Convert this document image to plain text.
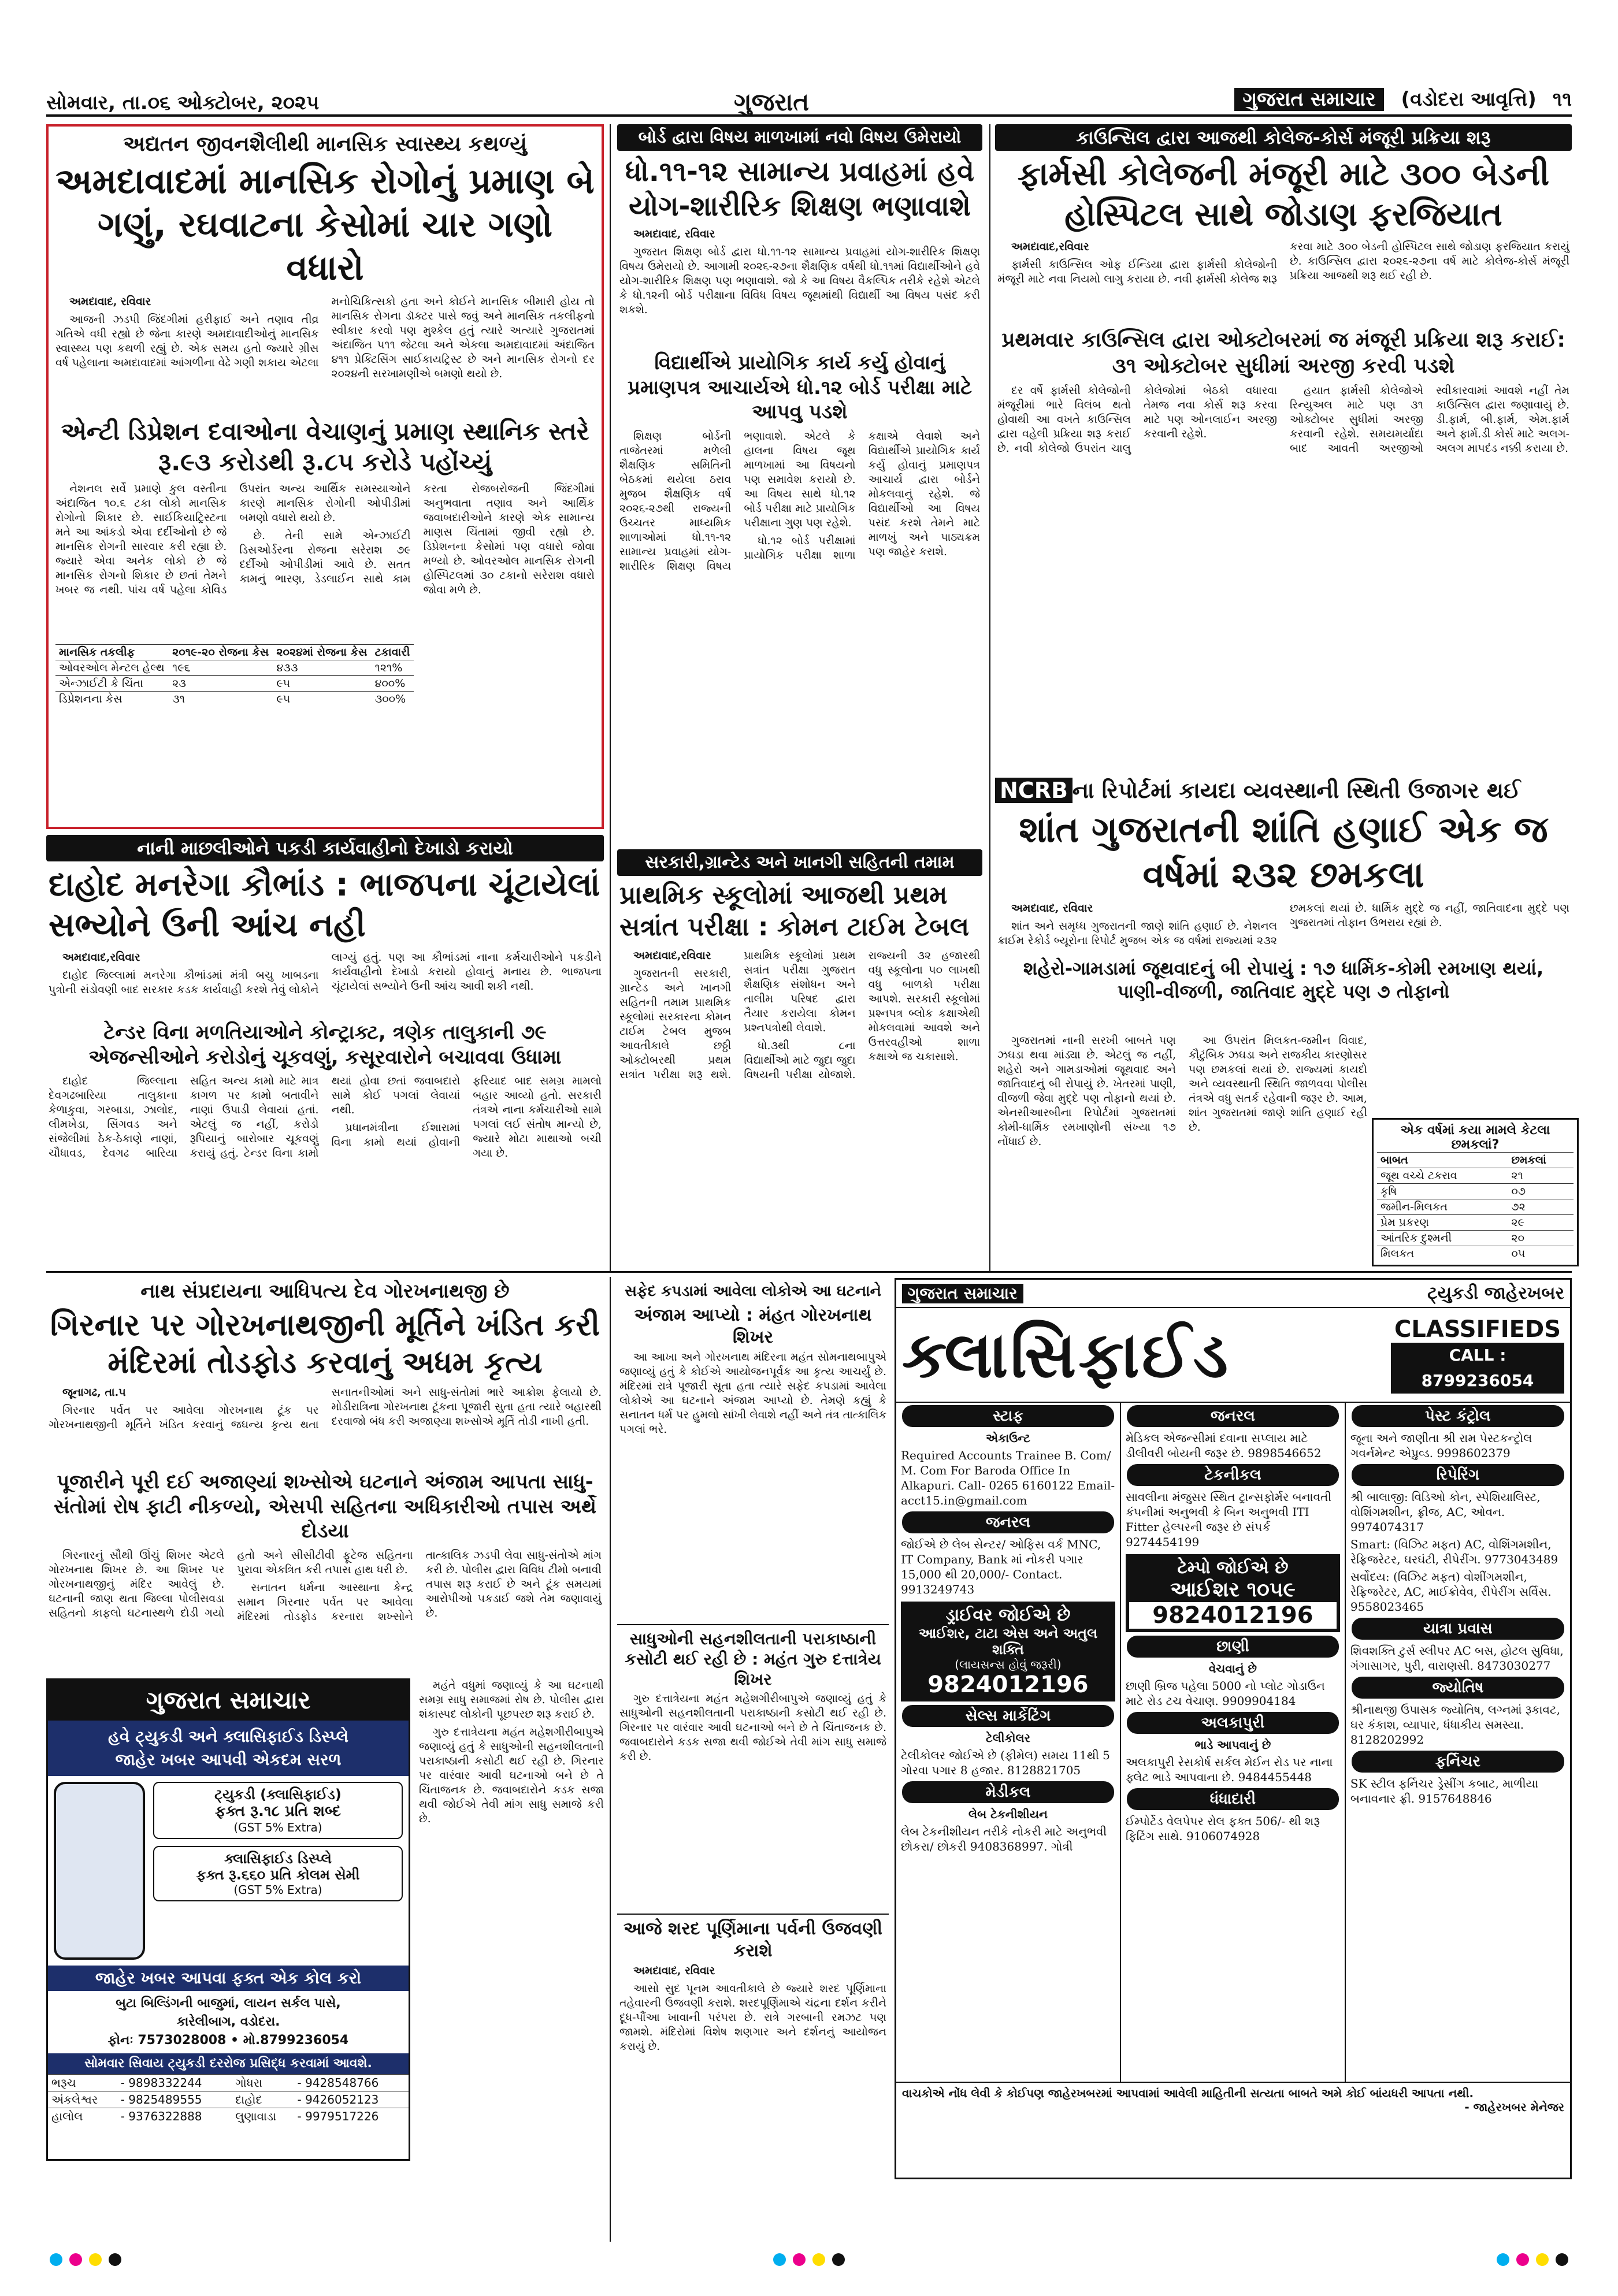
સોમવાર, તા.૦૬ ઓક્ટોબર, ૨૦૨૫	ગુજરાત	ગુજરાત સમાચાર (વડોદરા આવૃત્તિ) ૧૧
અદ્યતન જીવનશૈલીથી માનસિક સ્વાસ્થ્ય કથળ્યું
અમદાવાદમાં માનસિક રોગોનું પ્રમાણ બે ગણું, રઘવાટના કેસોમાં ચાર ગણો વધારો

અમદાવાદ, રવિવાર

આજની ઝડપી જિંદગીમાં હરીફાઈ અને તણાવ તીવ્ર ગતિએ વધી રહ્યો છે જેના કારણે અમદાવાદીઓનું માનસિક સ્વાસ્થ્ય પણ કથળી રહ્યું છે. એક સમય હતો જ્યારે ગ્રીસ વર્ષ પહેલાના અમદાવાદમાં આંગળીના વેઢે ગણી શકાય એટલા મનોચિકિત્સકો હતા અને કોઈને માનસિક બીમારી હોય તો માનસિક રોગના ડૉક્ટર પાસે જવું અને માનસિક તકલીફનો સ્વીકાર કરવો પણ મુશ્કેલ હતું ત્યારે અત્યારે ગુજરાતમાં અંદાજિત ૫૧૧ જેટલા અને એકલા અમદાવાદમાં અંદાજિત ૪૧૧ પ્રેક્ટિસિંગ સાઈકાયટ્રિસ્ટ છે અને માનસિક રોગનો દર ૨૦૨૪ની સરખામણીએ બમણો થયો છે.

એન્ટી ડિપ્રેશન દવાઓના વેચાણનું પ્રમાણ સ્થાનિક સ્તરે રૂ.૯૩ કરોડથી રૂ.૮૫ કરોડે પહોંચ્યું

નેશનલ સર્વે પ્રમાણે કુલ વસ્તીના અંદાજિત ૧૦.૬ ટકા લોકો માનસિક રોગોનો શિકાર છે. સાઈકિયાટ્રિસ્ટના મતે આ આંકડો એવા દર્દીઓનો છે જે માનસિક રોગની સારવાર કરી રહ્યા છે. જ્યારે એવા અનેક લોકો છે જે માનસિક રોગનો શિકાર છે છતાં તેમને ખબર જ નથી. પાંચ વર્ષ પહેલા કોવિડ ઉપરાંત અન્ય આર્થિક સમસ્યાઓને કારણે માનસિક રોગોની ઓપીડીમાં બમણો વધારો થયો છે.

છે. તેની સામે એન્ઝાઈટી ડિસઓર્ડરના રોજના સરેરાશ ૭૯ દર્દીઓ ઓપીડીમાં આવે છે. સતત કામનું ભારણ, ડેડલાઈન સાથે કામ કરતા રોજબરોજની જિંદગીમાં અનુભવાતા તણાવ અને આર્થિક જવાબદારીઓને કારણે એક સામાન્ય માણસ ચિંતામાં જીવી રહ્યો છે. ડિપ્રેશનના કેસોમાં પણ વધારો જોવા મળ્યો છે. ઓવરઓલ માનસિક રોગની હોસ્પિટલમાં ૩૦ ટકાનો સરેરાશ વધારો જોવા મળે છે.

માનસિક તકલીફ	૨૦૧૯-૨૦ રોજના કેસ	૨૦૨૪માં રોજના કેસ	ટકાવારી
ઓવરઓલ મેન્ટલ હેલ્થ	૧૯૬	૪૩૩	૧૨૧%
એન્ઝાઈટી કે ચિંતા	૨૩	૯૫	૪૦૦%
ડિપ્રેશનના કેસ	૩૧	૯૫	૩૦૦%
બોર્ડ દ્વારા વિષય માળખામાં નવો વિષય ઉમેરાયો
ધો.૧૧-૧૨ સામાન્ય પ્રવાહમાં હવે યોગ-શારીરિક શિક્ષણ ભણાવાશે

અમદાવાદ, રવિવાર

ગુજરાત શિક્ષણ બોર્ડ દ્વારા ધો.૧૧-૧૨ સામાન્ય પ્રવાહમાં યોગ-શારીરિક શિક્ષણ વિષય ઉમેરાયો છે. આગામી ૨૦૨૬-૨૭ના શૈક્ષણિક વર્ષથી ધો.૧૧માં વિદ્યાર્થીઓને હવે યોગ-શારીરિક શિક્ષણ પણ ભણાવાશે. જો કે આ વિષય વૈકલ્પિક તરીકે રહેશે એટલે કે ધો.૧૨ની બોર્ડ પરીક્ષાના વિવિધ વિષય જૂથમાંથી વિદ્યાર્થી આ વિષય પસંદ કરી શકશે.

વિદ્યાર્થીએ પ્રાયોગિક કાર્ય કર્યુ હોવાનું પ્રમાણપત્ર આચાર્યએ ધો.૧૨ બોર્ડ પરીક્ષા માટે આપવુ પડશે

શિક્ષણ બોર્ડની તાજેતરમાં મળેલી શૈક્ષણિક સમિતિની બેઠકમાં થયેલા ઠરાવ મુજબ શૈક્ષણિક વર્ષ ૨૦૨૬-૨૭થી રાજ્યની ઉચ્ચતર માધ્યમિક શાળાઓમાં ધો.૧૧-૧૨ સામાન્ય પ્રવાહમાં યોગ-શારીરિક શિક્ષણ વિષય ભણાવાશે. એટલે કે હાલના વિષય જૂથ માળખામાં આ વિષયનો પણ સમાવેશ કરાયો છે. આ વિષય સાથે ધો.૧૨ બોર્ડ પરીક્ષા માટે પ્રાયોગિક પરીક્ષાના ગુણ પણ રહેશે.

ધો.૧૨ બોર્ડ પરીક્ષામાં પ્રાયોગિક પરીક્ષા શાળા કક્ષાએ લેવાશે અને વિદ્યાર્થીએ પ્રાયોગિક કાર્ય કર્યુ હોવાનું પ્રમાણપત્ર આચાર્ય દ્વારા બોર્ડને મોકલવાનું રહેશે. જે વિદ્યાર્થીઓ આ વિષય પસંદ કરશે તેમને માટે માળખું અને પાઠ્યક્રમ પણ જાહેર કરાશે.

સરકારી,ગ્રાન્ટેડ અને ખાનગી સહિતની તમામ
પ્રાથમિક સ્કૂલોમાં આજથી પ્રથમ સત્રાંત પરીક્ષા : કોમન ટાઈમ ટેબલ

અમદાવાદ,રવિવાર

ગુજરાતની સરકારી, ગ્રાન્ટેડ અને ખાનગી સહિતની તમામ પ્રાથમિક સ્કૂલોમાં સરકારના કોમન ટાઈમ ટેબલ મુજબ આવતીકાલે છઠ્ઠી ઓક્ટોબરથી પ્રથમ સત્રાંત પરીક્ષા શરૂ થશે. પ્રાથમિક સ્કૂલોમાં પ્રથમ સત્રાંત પરીક્ષા ગુજરાત શૈક્ષણિક સંશોધન અને તાલીમ પરિષદ દ્વારા તૈયાર કરાયેલા કોમન પ્રશ્નપત્રોથી લેવાશે.

ધો.૩થી ૮ના વિદ્યાર્થીઓ માટે જુદા જુદા વિષયની પરીક્ષા યોજાશે. રાજ્યની ૩૨ હજારથી વધુ સ્કૂલોના ૫૦ લાખથી વધુ બાળકો પરીક્ષા આપશે. સરકારી સ્કૂલોમાં પ્રશ્નપત્ર બ્લોક કક્ષાએથી મોકલવામાં આવશે અને ઉત્તરવહીઓ શાળા કક્ષાએ જ ચકાસાશે.

કાઉન્સિલ દ્વારા આજથી કોલેજ-કોર્સ મંજૂરી પ્રક્રિયા શરૂ
ફાર્મસી કોલેજની મંજૂરી માટે ૩૦૦ બેડની હોસ્પિટલ સાથે જોડાણ ફરજિયાત

અમદાવાદ,રવિવાર

ફાર્મસી કાઉન્સિલ ઓફ ઈન્ડિયા દ્વારા ફાર્મસી કોલેજોની મંજૂરી માટે નવા નિયમો લાગુ કરાયા છે. નવી ફાર્મસી કોલેજ શરૂ કરવા માટે ૩૦૦ બેડની હોસ્પિટલ સાથે જોડાણ ફરજિયાત કરાયું છે. કાઉન્સિલ દ્વારા ૨૦૨૬-૨૭ના વર્ષ માટે કોલેજ-કોર્સ મંજૂરી પ્રક્રિયા આજથી શરૂ થઈ રહી છે.

પ્રથમવાર કાઉન્સિલ દ્વારા ઓક્ટોબરમાં જ મંજૂરી પ્રક્રિયા શરૂ કરાઈ: ૩૧ ઓક્ટોબર સુધીમાં અરજી કરવી પડશે

દર વર્ષે ફાર્મસી કોલેજોની મંજૂરીમાં ભારે વિલંબ થતો હોવાથી આ વખતે કાઉન્સિલ દ્વારા વહેલી પ્રક્રિયા શરૂ કરાઈ છે. નવી કોલેજો ઉપરાંત ચાલુ કોલેજોમાં બેઠકો વધારવા તેમજ નવા કોર્સ શરૂ કરવા માટે પણ ઓનલાઈન અરજી કરવાની રહેશે.

હયાત ફાર્મસી કોલેજોએ રિન્યુઅલ માટે પણ ૩૧ ઓક્ટોબર સુધીમાં અરજી કરવાની રહેશે. સમયમર્યાદા બાદ આવતી અરજીઓ સ્વીકારવામાં આવશે નહીં તેમ કાઉન્સિલ દ્વારા જણાવાયું છે. ડી.ફાર્મ, બી.ફાર્મ, એમ.ફાર્મ અને ફાર્મ.ડી કોર્સ માટે અલગ-અલગ માપદંડ નક્કી કરાયા છે.

NCRB ના રિપોર્ટમાં કાયદા વ્યવસ્થાની સ્થિતી ઉજાગર થઈ
શાંત ગુજરાતની શાંતિ હણાઈ એક જ વર્ષમાં ૨૩૨ છમકલા

અમદાવાદ, રવિવાર

શાંત અને સમૃધ્ધ ગુજરાતની જાણે શાંતિ હણાઈ છે. નેશનલ ક્રાઈમ રેકોર્ડ બ્યૂરોના રિપોર્ટ મુજબ એક જ વર્ષમાં રાજ્યમાં ૨૩૨ છમકલાં થયાં છે. ધાર્મિક મુદ્દે જ નહીં, જાતિવાદના મુદ્દે પણ ગુજરાતમાં તોફાન ઉભરાય રહ્યાં છે.

શહેરો-ગામડામાં જૂથવાદનું બી રોપાયું : ૧૭ ધાર્મિક-કોમી રમખાણ થયાં, પાણી-વીજળી, જાતિવાદ મુદ્દે પણ ૭ તોફાનો

ગુજરાતમાં નાની સરખી બાબતે પણ ઝઘડા થવા માંડ્યા છે. એટલું જ નહીં, શહેરો અને ગામડાઓમાં જૂથવાદ અને જાતિવાદનું બી રોપાયું છે. ખેતરમાં પાણી, વીજળી જેવા મુદ્દે પણ તોફાનો થયાં છે. એનસીઆરબીના રિપોર્ટમાં ગુજરાતમાં કોમી-ધાર્મિક રમખાણોની સંખ્યા ૧૭ નોંધાઈ છે.

આ ઉપરાંત મિલકત-જમીન વિવાદ, કૌટુંબિક ઝઘડા અને રાજકીય કારણોસર પણ છમકલાં થયાં છે. રાજ્યમાં કાયદો અને વ્યવસ્થાની સ્થિતિ જાળવવા પોલીસ તંત્રએ વધુ સતર્ક રહેવાની જરૂર છે. આમ, શાંત ગુજરાતમાં જાણે શાંતિ હણાઈ રહી છે.	એક વર્ષમાં કયા મામલે કેટલા છમકલાં?
બાબત	છમકલાં
જૂથ વચ્ચે ટકરાવ	૨૧
કૃષિ	૦૭
જમીન-મિલકત	૭૨
પ્રેમ પ્રકરણ	૨૯
આંતરિક દુશ્મની	૨૦
મિલકત	૦૫
નાની માછલીઓને પકડી કાર્યવાહીનો દેખાડો કરાયો
દાહોદ મનરેગા કૌભાંડ : ભાજપના ચૂંટાયેલાં સભ્યોને ઉની આંચ નહી

અમદાવાદ,રવિવાર

દાહોદ જિલ્લામાં મનરેગા કૌભાંડમાં મંત્રી બચુ ખાબડના પુત્રોની સંડોવણી બાદ સરકાર કડક કાર્યવાહી કરશે તેવું લોકોને લાગ્યું હતું. પણ આ કૌભાંડમાં નાના કર્મચારીઓને પકડીને કાર્યવાહીનો દેખાડો કરાયો હોવાનું મનાય છે. ભાજપના ચૂંટાયેલાં સભ્યોને ઉની આંચ આવી શકી નથી.

ટેન્ડર વિના મળતિયાઓને કોન્ટ્રાક્ટ, ત્રણેક તાલુકાની ૭૯ એજન્સીઓને કરોડોનું ચૂકવણું, કસૂરવારોને બચાવવા ઉધામા

દાહોદ જિલ્લાના દેવગઢબારિયા તાલુકાના કેળાકુવા, ગરબાડા, ઝાલોદ, લીમખેડા, સિંગવડ અને સંજેલીમાં ઠેક-ઠેકાણે નાણાં, ચૌધાવડ, દેવગઢ બારિયા સહિત અન્ય કામો માટે માત્ર કાગળ પર કામો બતાવીને નાણાં ઉપાડી લેવાયાં હતાં. એટલું જ નહીં, કરોડો રૂપિયાનું બારોબાર ચૂકવણું કરાયું હતું. ટેન્ડર વિના કામો થયાં હોવા છતાં જવાબદારો સામે કોઈ પગલાં લેવાયાં નથી.

પ્રધાનમંત્રીના ઈશારામાં વિના કામો થયાં હોવાની ફરિયાદ બાદ સમગ્ર મામલો બહાર આવ્યો હતો. સરકારી તંત્રએ નાના કર્મચારીઓ સામે પગલાં લઈ સંતોષ માન્યો છે, જ્યારે મોટા માથાઓ બચી ગયા છે.

નાથ સંપ્રદાયના આધિપત્ય દેવ ગોરખનાથજી છે
ગિરનાર પર ગોરખનાથજીની મૂર્તિને ખંડિત કરી મંદિરમાં તોડફોડ કરવાનું અધમ કૃત્ય

જૂનાગઢ, તા.૫

ગિરનાર પર્વત પર આવેલા ગોરખનાથ ટૂંક પર ગોરખનાથજીની મૂર્તિને ખંડિત કરવાનું જઘન્ય કૃત્ય થતા સનાતનીઓમાં અને સાધુ-સંતોમાં ભારે આક્રોશ ફેલાયો છે. મોડીરાત્રિના ગોરખનાથ ટૂંકના પૂજારી સુતા હતા ત્યારે બહારથી દરવાજો બંધ કરી અજાણ્યા શખ્સોએ મૂર્તિ તોડી નાખી હતી.

પૂજારીને પૂરી દઈ અજાણ્યાં શખ્સોએ ઘટનાને અંજામ આપતા સાધુ-સંતોમાં રોષ ફાટી નીકળ્યો, એસપી સહિતના અધિકારીઓ તપાસ અર્થે દોડયા

ગિરનારનું સૌથી ઊંચું શિખર એટલે ગોરખનાથ શિખર છે. આ શિખર પર ગોરખનાથજીનું મંદિર આવેલું છે. ઘટનાની જાણ થતા જિલ્લા પોલીસવડા સહિતનો કાફલો ઘટનાસ્થળે દોડી ગયો હતો અને સીસીટીવી ફૂટેજ સહિતના પુરાવા એકત્રિત કરી તપાસ હાથ ધરી છે.

સનાતન ધર્મના આસ્થાના કેન્દ્ર સમાન ગિરનાર પર્વત પર આવેલા મંદિરમાં તોડફોડ કરનારા શખ્સોને તાત્કાલિક ઝડપી લેવા સાધુ-સંતોએ માંગ કરી છે. પોલીસ દ્વારા વિવિધ ટીમો બનાવી તપાસ શરૂ કરાઈ છે અને ટૂંક સમયમાં આરોપીઓ પકડાઈ જશે તેમ જણાવાયું છે.

ગુજરાત સમાચાર
હવે ટ્યુકડી અને ક્લાસિફાઈડ ડિસ્પ્લે
જાહેર ખબર આપવી એકદમ સરળ
ટ્યુકડી (ક્લાસિફાઈડ)
ફક્ત રૂ.૧૮ પ્રતિ શબ્દ
(GST 5% Extra)
ક્લાસિફાઈડ ડિસ્પ્લે
ફક્ત રૂ.૬૬૦ પ્રતિ કોલમ સેમી
(GST 5% Extra)
જાહેર ખબર આપવા ફક્ત એક કોલ કરો
બુટા બિલ્ડિંગની બાજુમાં, લાયન સર્કલ પાસે,
કારેલીબાગ, વડોદરા.
ફોનઃ 7573028008 • મો.8799236054
સોમવાર સિવાય ટ્યુકડી દરરોજ પ્રસિદ્ધ કરવામાં આવશે.
ભરૂચ	- 9898332244	ગોધરા	- 9428548766
અંકલેશ્વર	- 9825489555	દાહોદ	- 9426052123
હાલોલ	- 9376322888	લુણાવાડા	- 9979517226

મહંતે વધુમાં જણાવ્યું કે આ ઘટનાથી સમગ્ર સાધુ સમાજમાં રોષ છે. પોલીસ દ્વારા શંકાસ્પદ લોકોની પૂછપરછ શરૂ કરાઈ છે.

ગુરુ દત્તાત્રેયના મહંત મહેશગીરીબાપુએ જણાવ્યું હતું કે સાધુઓની સહનશીલતાની પરાકાષ્ઠાની કસોટી થઈ રહી છે. ગિરનાર પર વારંવાર આવી ઘટનાઓ બને છે તે ચિંતાજનક છે. જવાબદારોને કડક સજા થવી જોઈએ તેવી માંગ સાધુ સમાજે કરી છે.

સફેદ કપડામાં આવેલા લોકોએ આ ઘટનાને
અંજામ આપ્યો : મંહત ગોરખનાથ શિખર

આ આખા અને ગોરખનાથ મંદિરના મહંત સોમનાથબાપુએ જણાવ્યું હતું કે કોઈએ આયોજનપૂર્વક આ કૃત્ય આચર્યું છે. મંદિરમાં રાત્રે પૂજારી સૂતા હતા ત્યારે સફેદ કપડામાં આવેલા લોકોએ આ ઘટનાને અંજામ આપ્યો છે. તેમણે કહ્યું કે સનાતન ધર્મ પર હુમલો સાંખી લેવાશે નહીં અને તંત્ર તાત્કાલિક પગલાં ભરે.

સાધુઓની સહનશીલતાની પરાકાષ્ઠાની કસોટી થઈ રહી છે : મહંત ગુરુ દત્તાત્રેય શિખર

ગુરુ દત્તાત્રેયના મહંત મહેશગીરીબાપુએ જણાવ્યું હતું કે સાધુઓની સહનશીલતાની પરાકાષ્ઠાની કસોટી થઈ રહી છે. ગિરનાર પર વારંવાર આવી ઘટનાઓ બને છે તે ચિંતાજનક છે. જવાબદારોને કડક સજા થવી જોઈએ તેવી માંગ સાધુ સમાજે કરી છે.

આજે શરદ પૂર્ણિમાના પર્વની ઉજવણી કરાશે

અમદાવાદ, રવિવાર

આસો સુદ પૂનમ આવતીકાલે છે જ્યારે શરદ પૂર્ણિમાના તહેવારની ઉજવણી કરાશે. શરદપૂર્ણિમાએ ચંદ્રના દર્શન કરીને દૂધ-પૌંઆ ખાવાની પરંપરા છે. રાત્રે ગરબાની રમઝટ પણ જામશે. મંદિરોમાં વિશેષ શણગાર અને દર્શનનું આયોજન કરાયું છે.

ગુજરાત સમાચાર	ટ્યુકડી જાહેરખબર
ક્લાસિફાઈડ	CLASSIFIEDS
CALL : 8799236054
સ્ટાફ
એકાઉન્ટ
Required Accounts Trainee B. Com/ M. Com For Baroda Office In Alkapuri. Call- 0265 6160122 Email- acct15.in@gmail.com
જનરલ
જોઈએ છે લેબ સેન્ટર/ ઓફિસ વર્ક MNC, IT Company, Bank માં નોકરી પગાર 15,000 થી 20,000/- Contact. 9913249743
ડ્રાઈવર જોઈએ છે
આઈશર, ટાટા એસ અને અતુલ શક્તિ
(લાયસન્સ હોવું જરૂરી)
9824012196
સેલ્સ માર્કેટિંગ
ટેલીકોલર
ટેલીકોલર જોઈએ છે (ફીમેલ) સમય 11થી 5 ગોરવા પગાર 8 હજાર. 8128821705
મેડીકલ
લેબ ટેકનીશીયન
લેબ ટેકનીશીયન તરીકે નોકરી માટે અનુભવી છોકરા/ છોકરી 9408368997. ગોત્રી
જનરલ
મેડિકલ એજન્સીમાં દવાના સપ્લાય માટે ડીલીવરી બોયની જરૂર છે. 9898546652
ટેકનીકલ
સાવલીના મંજુસર સ્થિત ટ્રાન્સફોર્મર બનાવતી કંપનીમાં અનુભવી કે બિન અનુભવી ITI Fitter હેલ્પરની જરૂર છે સંપર્ક 9274454199
ટેમ્પો જોઈએ છે
આઈશર ૧૦૫૯
9824012196
છાણી
વેચવાનું છે
છાણી બ્રિજ પહેલા 5000 નો પ્લોટ ગોડાઉન માટે રોડ ટચ વેચાણ. 9909904184
અલકાપુરી
ભાડે આપવાનું છે
અલકાપુરી રેસકોર્ષ સર્કલ મેઈન રોડ પર નાના ફ્લેટ ભાડે આપવાના છે. 9484455448
ધંધાદારી
ઈમ્પોર્ટેડ વેલપેપર રોલ ફક્ત 506/- થી શરૂ ફિટિંગ સાથે. 9106074928
પેસ્ટ કંટ્રોલ
જૂના અને જાણીતા શ્રી રામ પેસ્ટકન્ટ્રોલ ગવર્નમેન્ટ એપ્રુવ્ડ. 9998602379
રિપેરિંગ
શ્રી બાલાજી: વિડિઓ કોન, સ્પેશિયાલિસ્ટ, વોશિંગમશીન, ફ્રીજ, AC, ઓવન. 9974074317
Smart: (વિઝિટ મફત) AC, વોશિંગમશીન, રેફ્રિજરેટર, ઘરઘંટી, રીપેરીંગ. 9773043489
સર્વોદય: (વિઝિટ મફત) વોશીંગમશીન, રેફ્રિજરેટર, AC, માઈક્રોવેવ, રીપેરીંગ સર્વિસ. 9558023465
યાત્રા પ્રવાસ
શિવશક્તિ ટુર્સ સ્લીપર AC બસ, હોટલ સુવિધા, ગંગાસાગર, પુરી, વારાણસી. 8473030277
જ્યોતિષ
શ્રીનાથજી ઉપાસક જ્યોતિષ, લગ્નમાં રૂકાવટ, ઘર કંકાશ, વ્યાપાર, ધંધાકીય સમસ્યા. 8128202992
ફર્નિચર
SK સ્ટીલ ફર્નિચર ડ્રેસીંગ કબાટ, માળીયા બનાવનાર ફ્રી. 9157648846
વાચકોએ નોંધ લેવી કે કોઈપણ જાહેરખબરમાં આપવામાં આવેલી માહિતીની સત્યતા બાબતે અમે કોઈ બાંયધરી આપતા નથી.
- જાહેરખબર મેનેજર
